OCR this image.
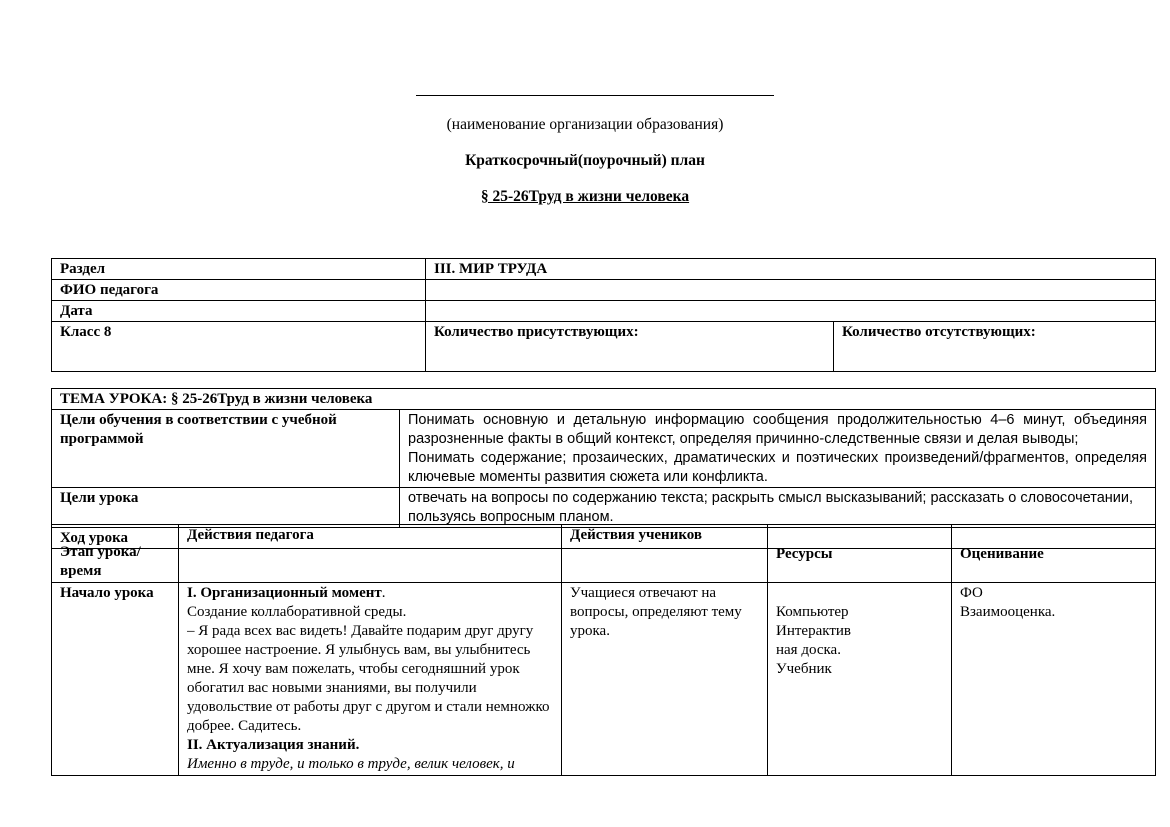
(наименование организации образования)
Краткосрочный(поурочный) план
§ 25-26Труд в жизни человека
Раздел	III. МИР ТРУДА
ФИО педагога	
Дата	
Класс 8	Количество присутствующих:	Количество отсутствующих:
ТЕМА УРОКА: § 25-26Труд в жизни человека
Цели обучения в соответствии с учебной программой	
Понимать основную и детальную информацию сообщения продолжительностью 4–6 минут, объединяя разрозненные факты в общий контекст, определяя причинно-следственные связи и делая выводы;
Понимать содержание; прозаических, драматических и поэтических произведений/фрагментов, определяя ключевые моменты развития сюжета или конфликта.

Цели урока	отвечать на вопросы по содержанию текста; раскрыть смысл высказываний; рассказать о словосочетании, пользуясь вопросным планом.
Ход урока
Этап урока/время	Действия педагога	Действия учеников	Ресурсы	Оценивание
Начало урока	I. Организационный момент.
Создание коллаборативной среды.
– Я рада всех вас видеть! Давайте подарим друг другу хорошее настроение. Я улыбнусь вам, вы улыбнитесь мне. Я хочу вам пожелать, чтобы сегодняшний урок обогатил вас новыми знаниями, вы получили удовольствие от работы друг с другом и стали немножко добрее. Садитесь.
II. Актуализация знаний.
Именно в труде, и только в труде, велик человек, и
	Учащиеся отвечают на вопросы, определяют тему урока.	
Компьютер
Интерактив
ная доска.
Учебник

ФО
Взаимооценка.
